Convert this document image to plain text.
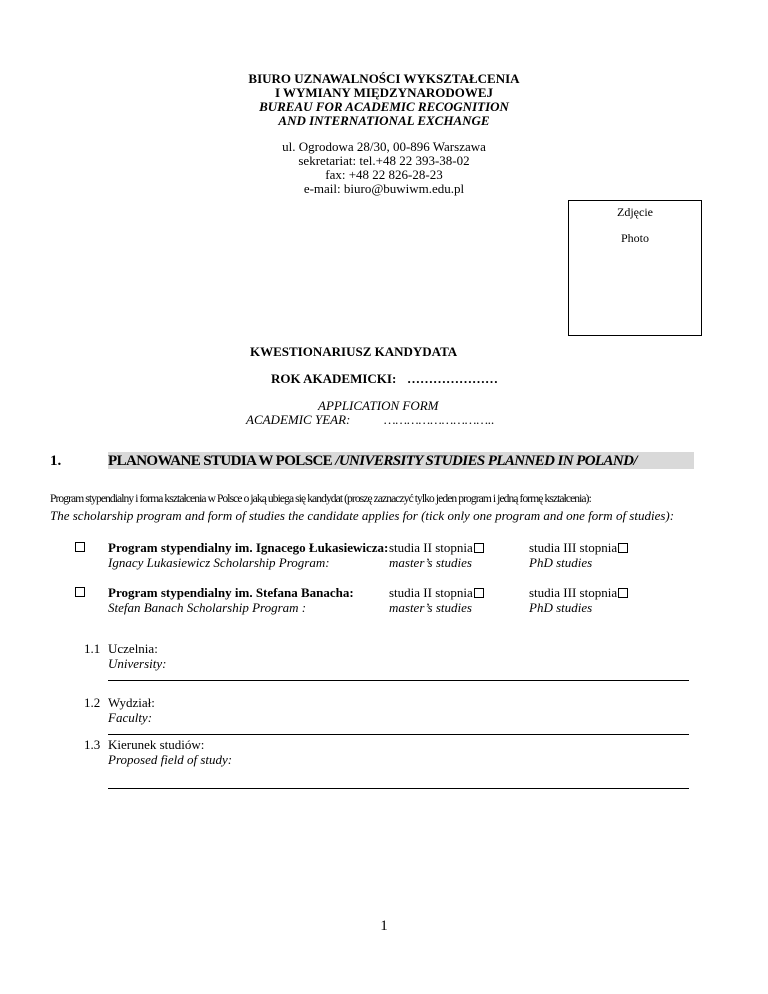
BIURO UZNAWALNOŚCI WYKSZTAŁCENIA
I WYMIANY MIĘDZYNARODOWEJ
BUREAU FOR ACADEMIC RECOGNITION
AND INTERNATIONAL EXCHANGE
ul. Ogrodowa 28/30, 00-896 Warszawa
sekretariat: tel.+48 22 393-38-02
fax: +48 22 826-28-23
e-mail: biuro@buwiwm.edu.pl
Zdjęcie
Photo
KWESTIONARIUSZ KANDYDATA
ROK AKADEMICKI: …………………
APPLICATION FORM
ACADEMIC YEAR:	………………………..
1.	PLANOWANE STUDIA W POLSCE /UNIVERSITY STUDIES PLANNED IN POLAND/
Program stypendialny i forma kształcenia w Polsce o jaką ubiega się kandydat (proszę zaznaczyć tylko jeden program i jedną formę kształcenia):
The scholarship program and form of studies the candidate applies for (tick only one program and one form of studies):
Program stypendialny im. Ignacego Łukasiewicza:
Ignacy Lukasiewicz Scholarship Program:
studia II stopnia
master’s studies
studia III stopnia
PhD studies
Program stypendialny im. Stefana Banacha:
Stefan Banach Scholarship Program :
studia II stopnia
master’s studies
studia III stopnia
PhD studies
1.1 Uczelnia:
University:
1.2 Wydział:
Faculty:
1.3 Kierunek studiów:
Proposed field of study:
1
